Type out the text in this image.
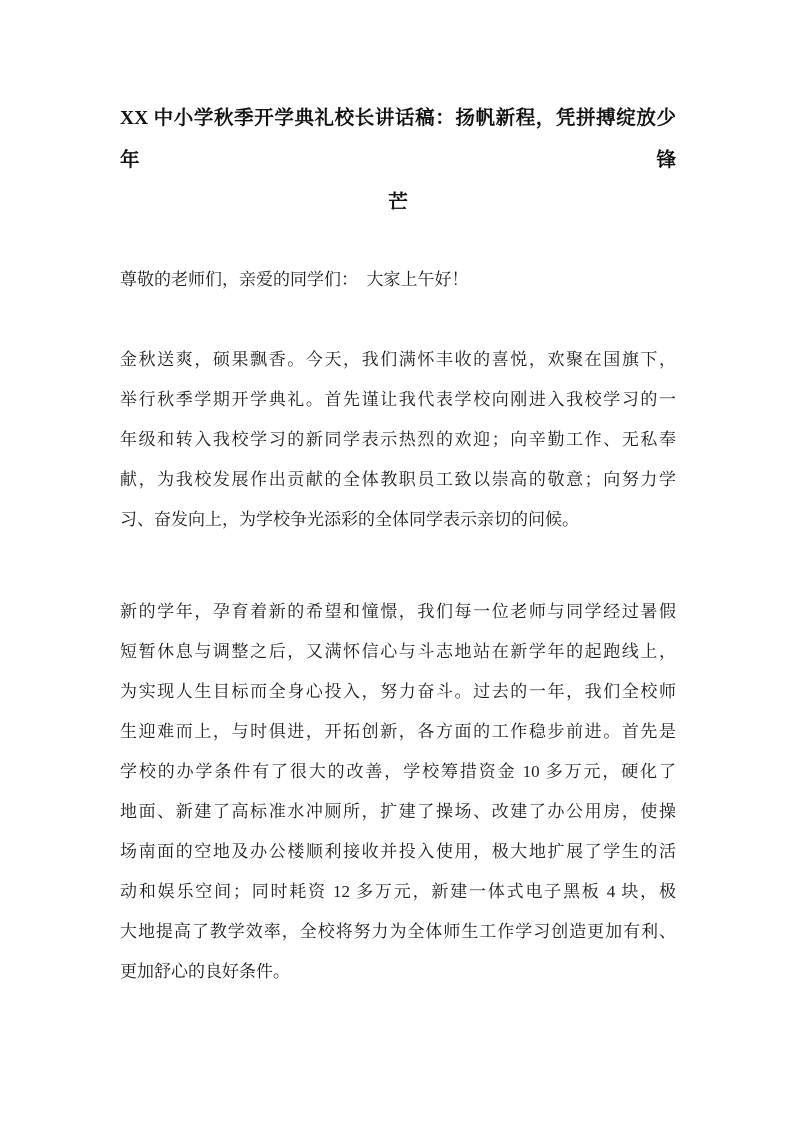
XX 中小学秋季开学典礼校长讲话稿：扬帆新程，凭拼搏绽放少年锋
芒
尊敬的老师们，亲爱的同学们：　大家上午好！
金秋送爽，硕果飘香。今天，我们满怀丰收的喜悦，欢聚在国旗下，
举行秋季学期开学典礼。首先谨让我代表学校向刚进入我校学习的一
年级和转入我校学习的新同学表示热烈的欢迎；向辛勤工作、无私奉
献，为我校发展作出贡献的全体教职员工致以崇高的敬意；向努力学
习、奋发向上，为学校争光添彩的全体同学表示亲切的问候。
新的学年，孕育着新的希望和憧憬，我们每一位老师与同学经过暑假
短暂休息与调整之后，又满怀信心与斗志地站在新学年的起跑线上，
为实现人生目标而全身心投入，努力奋斗。过去的一年，我们全校师
生迎难而上，与时俱进，开拓创新，各方面的工作稳步前进。首先是
学校的办学条件有了很大的改善，学校筹措资金 10 多万元，硬化了
地面、新建了高标准水冲厕所，扩建了操场、改建了办公用房，使操
场南面的空地及办公楼顺利接收并投入使用，极大地扩展了学生的活
动和娱乐空间；同时耗资 12 多万元，新建一体式电子黑板 4 块，极
大地提高了教学效率，全校将努力为全体师生工作学习创造更加有利、
更加舒心的良好条件。
